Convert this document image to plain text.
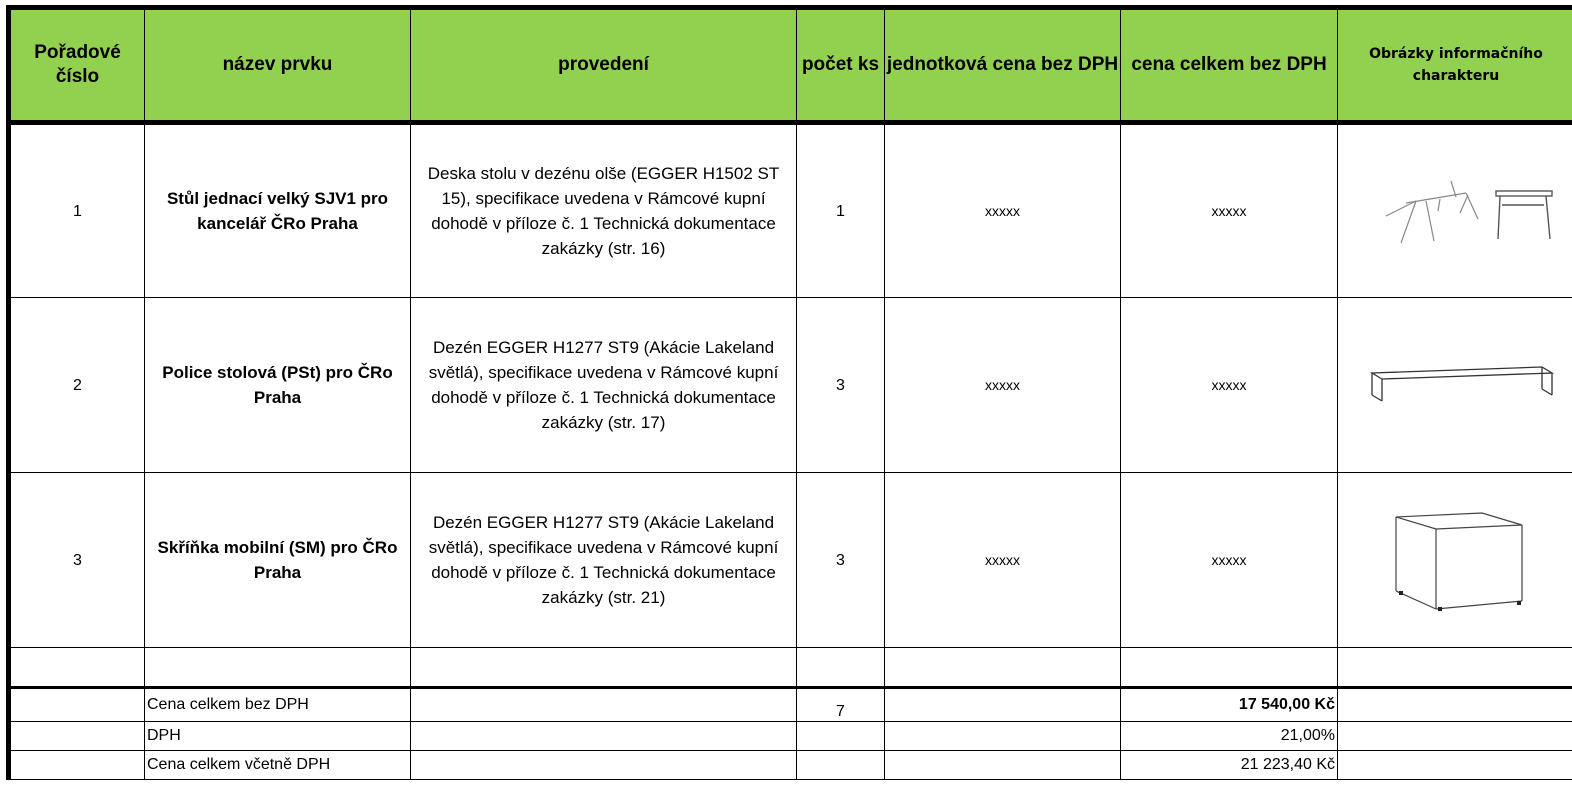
Pořadové číslo	název prvku	provedení	počet ks	jednotková cena bez DPH	cena celkem bez DPH	Obrázky informačního charakteru
1	Stůl jednací velký SJV1 pro kancelář ČRo Praha	Deska stolu v dezénu olše (EGGER H1502 ST 15), specifikace uvedena v Rámcové kupní dohodě v příloze č. 1 Technická dokumentace zakázky (str. 16)	1	xxxxx	xxxxx	

2	Police stolová (PSt) pro ČRo Praha	Dezén EGGER H1277 ST9 (Akácie Lakeland světlá), specifikace uvedena v Rámcové kupní dohodě v příloze č. 1 Technická dokumentace zakázky (str. 17)	3	xxxxx	xxxxx	

3	Skříňka mobilní (SM) pro ČRo Praha	Dezén EGGER H1277 ST9 (Akácie Lakeland světlá), specifikace uvedena v Rámcové kupní dohodě v příloze č. 1 Technická dokumentace zakázky (str. 21)	3	xxxxx	xxxxx	

	Cena celkem bez DPH		7		17 540,00 Kč	
	DPH				21,00%	
	Cena celkem včetně DPH				21 223,40 Kč	
